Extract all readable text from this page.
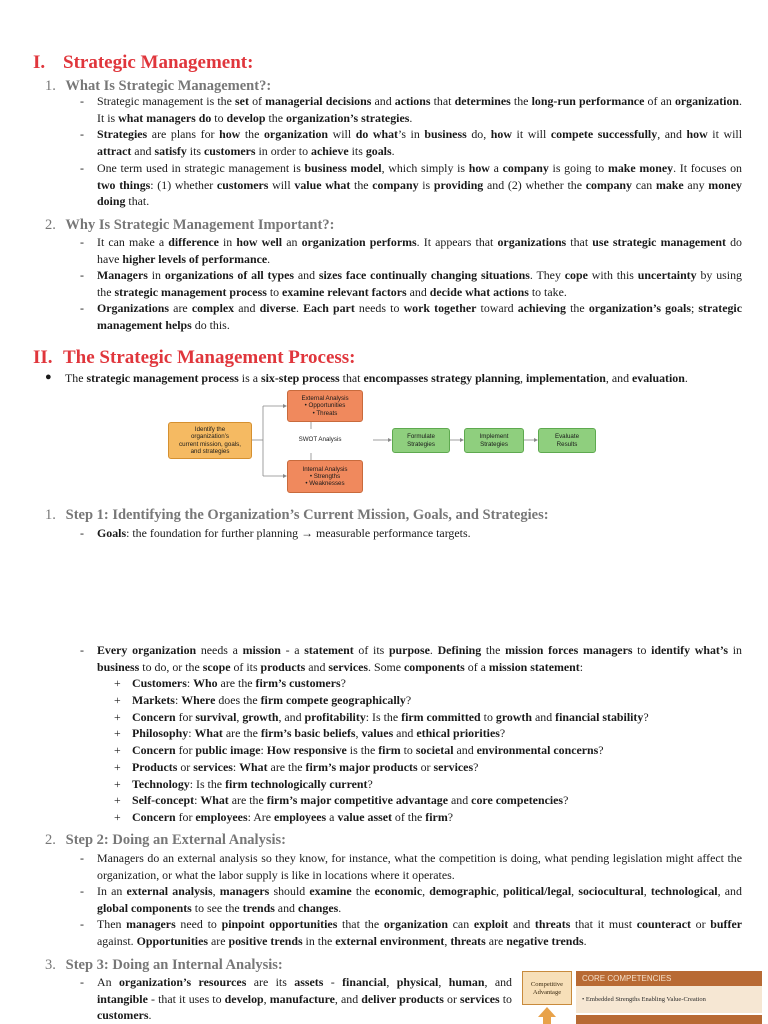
I. Strategic Management:
1. What Is Strategic Management?:
- Strategic management is the set of managerial decisions and actions that determines the long-run performance of an organization. It is what managers do to develop the organization’s strategies.
- Strategies are plans for how the organization will do what’s in business do, how it will compete successfully, and how it will attract and satisfy its customers in order to achieve its goals.
- One term used in strategic management is business model, which simply is how a company is going to make money. It focuses on two things: (1) whether customers will value what the company is providing and (2) whether the company can make any money doing that.
2. Why Is Strategic Management Important?:
- It can make a difference in how well an organization performs. It appears that organizations that use strategic management do have higher levels of performance.
- Managers in organizations of all types and sizes face continually changing situations. They cope with this uncertainty by using the strategic management process to examine relevant factors and decide what actions to take.
- Organizations are complex and diverse. Each part needs to work together toward achieving the organization’s goals; strategic management helps do this.
II. The Strategic Management Process:
● The strategic management process is a six-step process that encompasses strategy planning, implementation, and evaluation.
Identify the
organization’s
current mission, goals,
and strategies
External Analysis
• Opportunities
• Threats
SWOT Analysis
Internal Analysis
• Strengths
• Weaknesses
Formulate
Strategies
Implement
Strategies
Evaluate
Results
1. Step 1: Identifying the Organization’s Current Mission, Goals, and Strategies:
- Goals: the foundation for further planning → measurable performance targets.
- Every organization needs a mission - a statement of its purpose. Defining the mission forces managers to identify what’s in business to do, or the scope of its products and services. Some components of a mission statement:
+ Customers: Who are the firm’s customers?
+ Markets: Where does the firm compete geographically?
+ Concern for survival, growth, and profitability: Is the firm committed to growth and financial stability?
+ Philosophy: What are the firm’s basic beliefs, values and ethical priorities?
+ Concern for public image: How responsive is the firm to societal and environmental concerns?
+ Products or services: What are the firm’s major products or services?
+ Technology: Is the firm technologically current?
+ Self-concept: What are the firm’s major competitive advantage and core competencies?
+ Concern for employees: Are employees a value asset of the firm?
2. Step 2: Doing an External Analysis:
- Managers do an external analysis so they know, for instance, what the competition is doing, what pending legislation might affect the organization, or what the labor supply is like in locations where it operates.
- In an external analysis, managers should examine the economic, demographic, political/legal, sociocultural, technological, and global components to see the trends and changes.
- Then managers need to pinpoint opportunities that the organization can exploit and threats that it must counteract or buffer against. Opportunities are positive trends in the external environment, threats are negative trends.
3. Step 3: Doing an Internal Analysis:
- An organization’s resources are its assets - financial, physical, human, and intangible - that it uses to develop, manufacture, and deliver products or services to customers.
Competitive
Advantage
CORE COMPETENCIES
• Embedded Strengths Enabling Value-Creation
